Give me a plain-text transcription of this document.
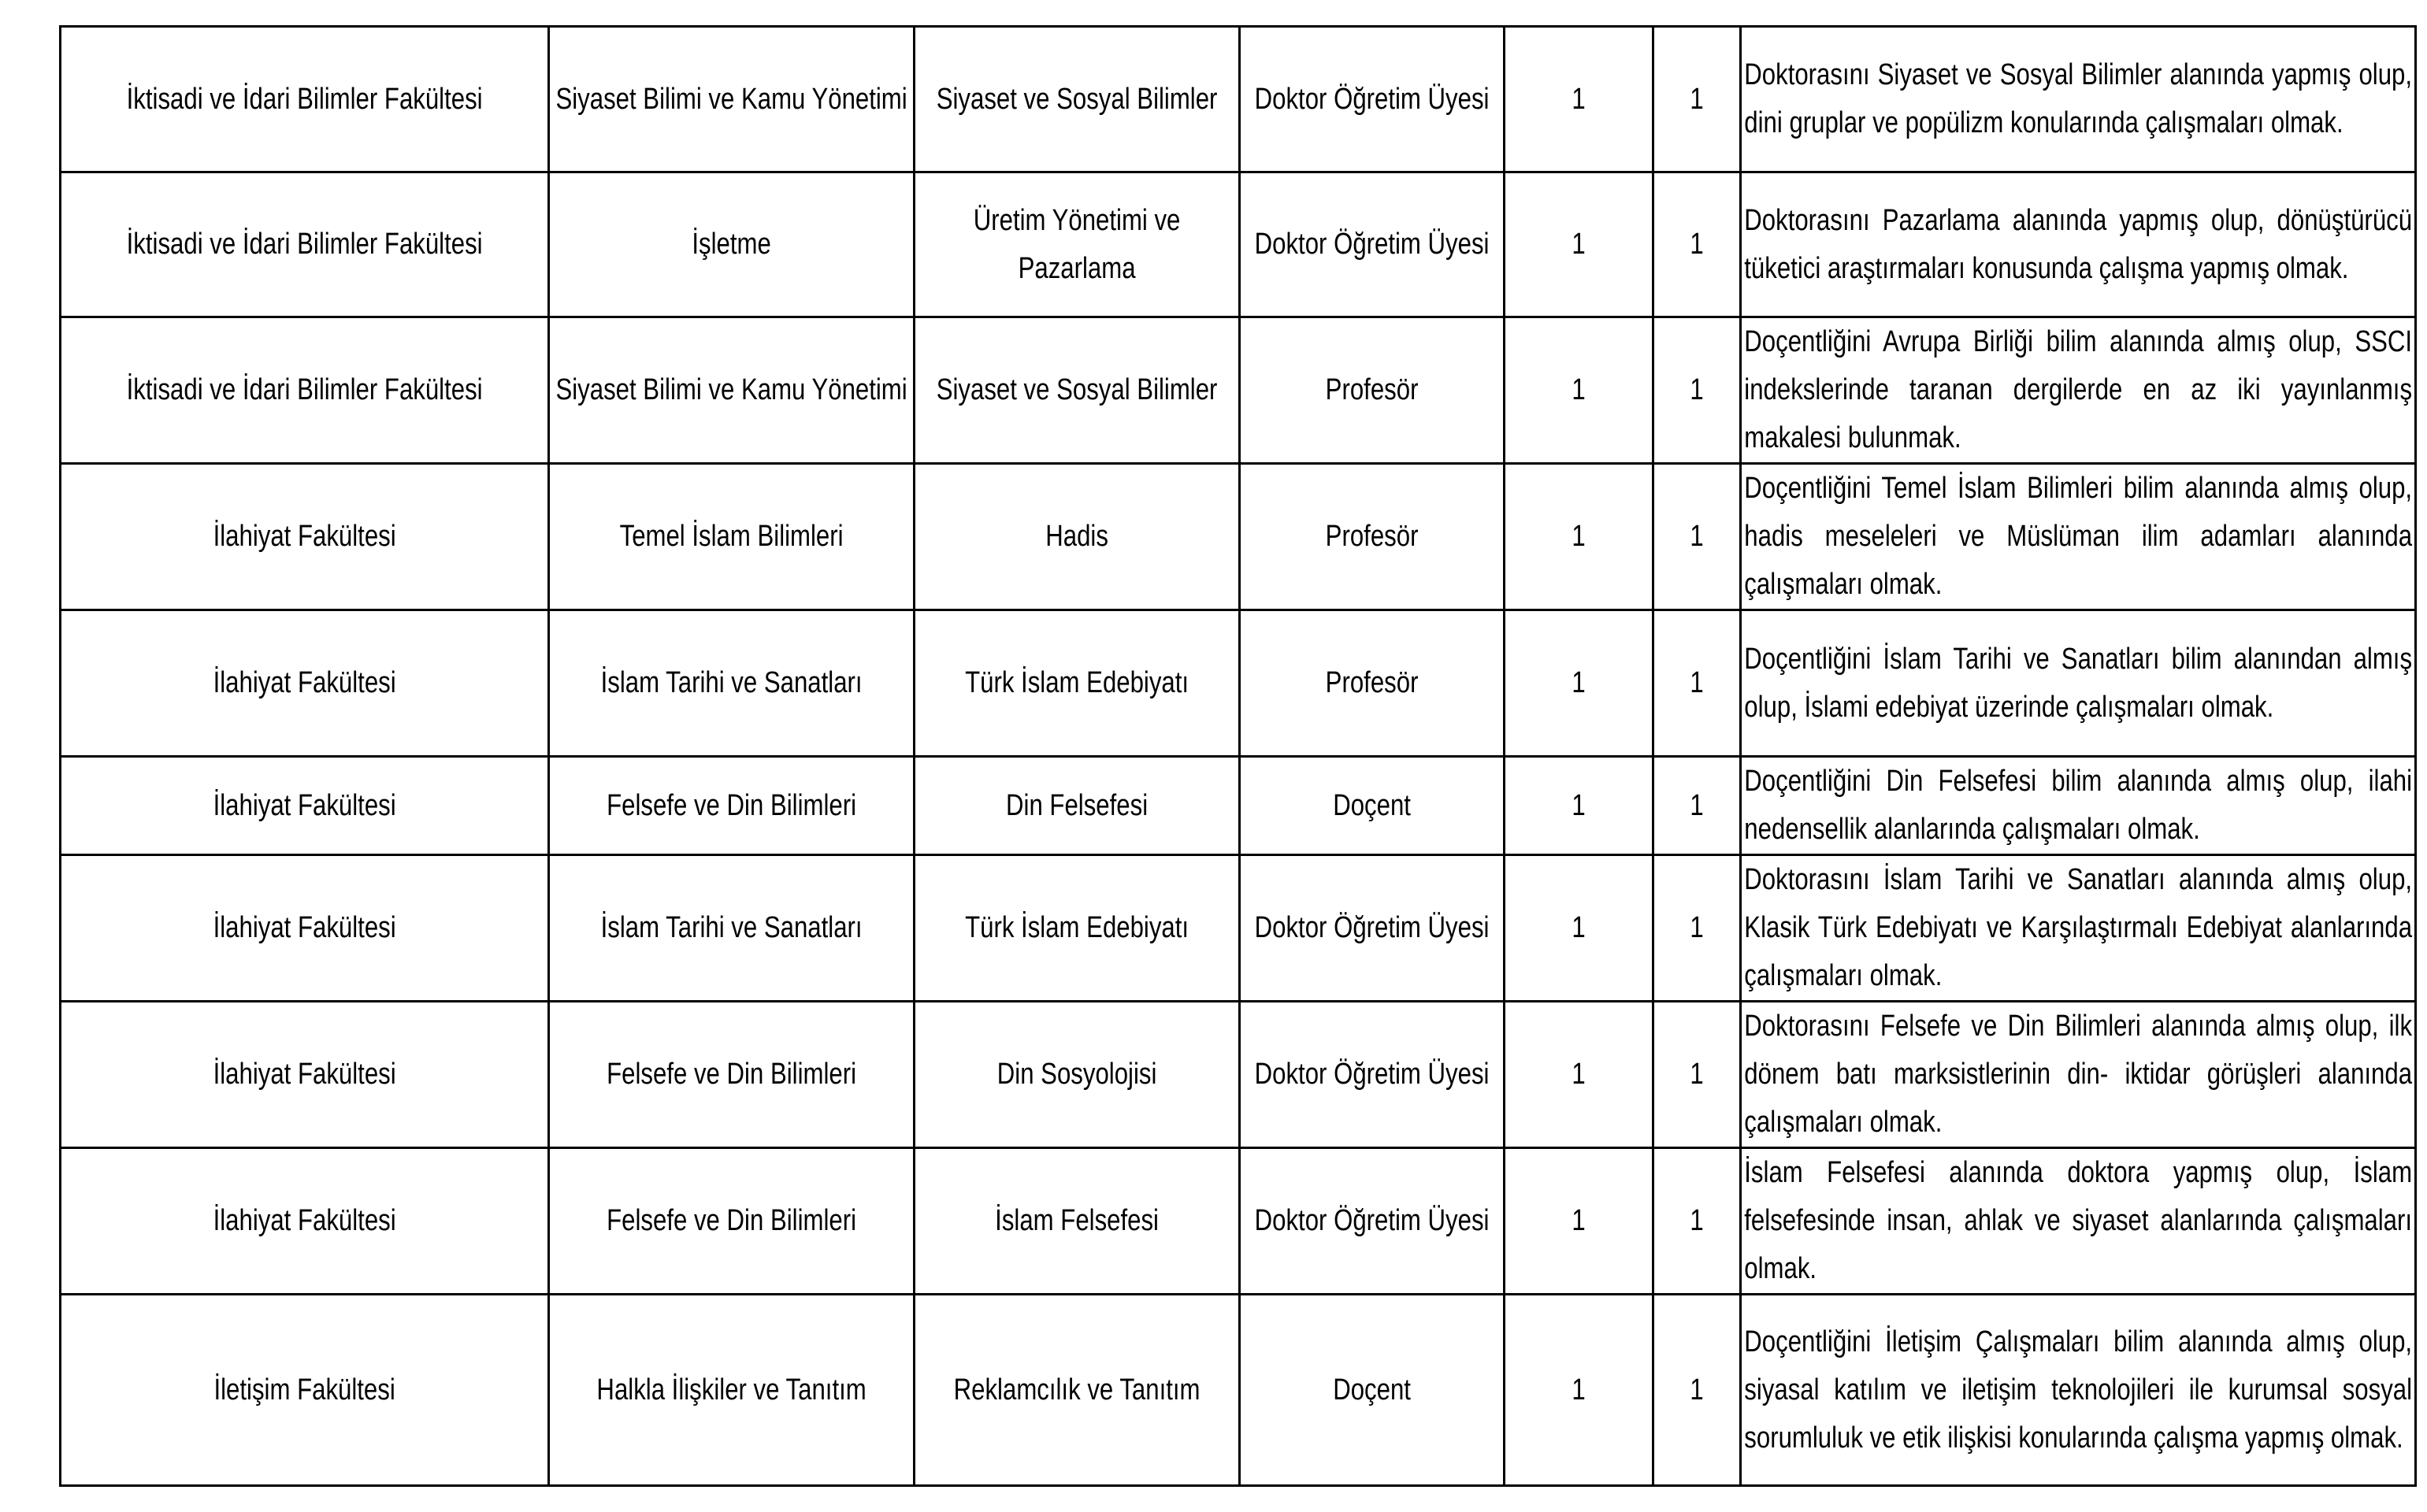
İktisadi ve İdari Bilimler Fakültesi	Siyaset Bilimi ve Kamu Yönetimi	Siyaset ve Sosyal Bilimler	Doktor Öğretim Üyesi	1	1	Doktorasını Siyaset ve Sosyal Bilimler alanında yapmış olup, dini gruplar ve popülizm konularında çalışmaları olmak.

İktisadi ve İdari Bilimler Fakültesi	İşletme	Üretim Yönetimi ve Pazarlama	Doktor Öğretim Üyesi	1	1	Doktorasını Pazarlama alanında yapmış olup, dönüştürücü tüketici araştırmaları konusunda çalışma yapmış olmak.

İktisadi ve İdari Bilimler Fakültesi	Siyaset Bilimi ve Kamu Yönetimi	Siyaset ve Sosyal Bilimler	Profesör	1	1	Doçentliğini Avrupa Birliği bilim alanında almış olup, SSCI indekslerinde taranan dergilerde en az iki yayınlanmış makalesi bulunmak.

İlahiyat Fakültesi	Temel İslam Bilimleri	Hadis	Profesör	1	1	Doçentliğini Temel İslam Bilimleri bilim alanında almış olup, hadis meseleleri ve Müslüman ilim adamları alanında çalışmaları olmak.

İlahiyat Fakültesi	İslam Tarihi ve Sanatları	Türk İslam Edebiyatı	Profesör	1	1	Doçentliğini İslam Tarihi ve Sanatları bilim alanından almış olup, İslami edebiyat üzerinde çalışmaları olmak.

İlahiyat Fakültesi	Felsefe ve Din Bilimleri	Din Felsefesi	Doçent	1	1	Doçentliğini Din Felsefesi bilim alanında almış olup, ilahi nedensellik alanlarında çalışmaları olmak.

İlahiyat Fakültesi	İslam Tarihi ve Sanatları	Türk İslam Edebiyatı	Doktor Öğretim Üyesi	1	1	Doktorasını İslam Tarihi ve Sanatları alanında almış olup, Klasik Türk Edebiyatı ve Karşılaştırmalı Edebiyat alanlarında çalışmaları olmak.

İlahiyat Fakültesi	Felsefe ve Din Bilimleri	Din Sosyolojisi	Doktor Öğretim Üyesi	1	1	Doktorasını Felsefe ve Din Bilimleri alanında almış olup, ilk dönem batı marksistlerinin din- iktidar görüşleri alanında çalışmaları olmak.

İlahiyat Fakültesi	Felsefe ve Din Bilimleri	İslam Felsefesi	Doktor Öğretim Üyesi	1	1	İslam Felsefesi alanında doktora yapmış olup, İslam felsefesinde insan, ahlak ve siyaset alanlarında çalışmaları olmak.

İletişim Fakültesi	Halkla İlişkiler ve Tanıtım	Reklamcılık ve Tanıtım	Doçent	1	1	Doçentliğini İletişim Çalışmaları bilim alanında almış olup, siyasal katılım ve iletişim teknolojileri ile kurumsal sosyal sorumluluk ve etik ilişkisi konularında çalışma yapmış olmak.
